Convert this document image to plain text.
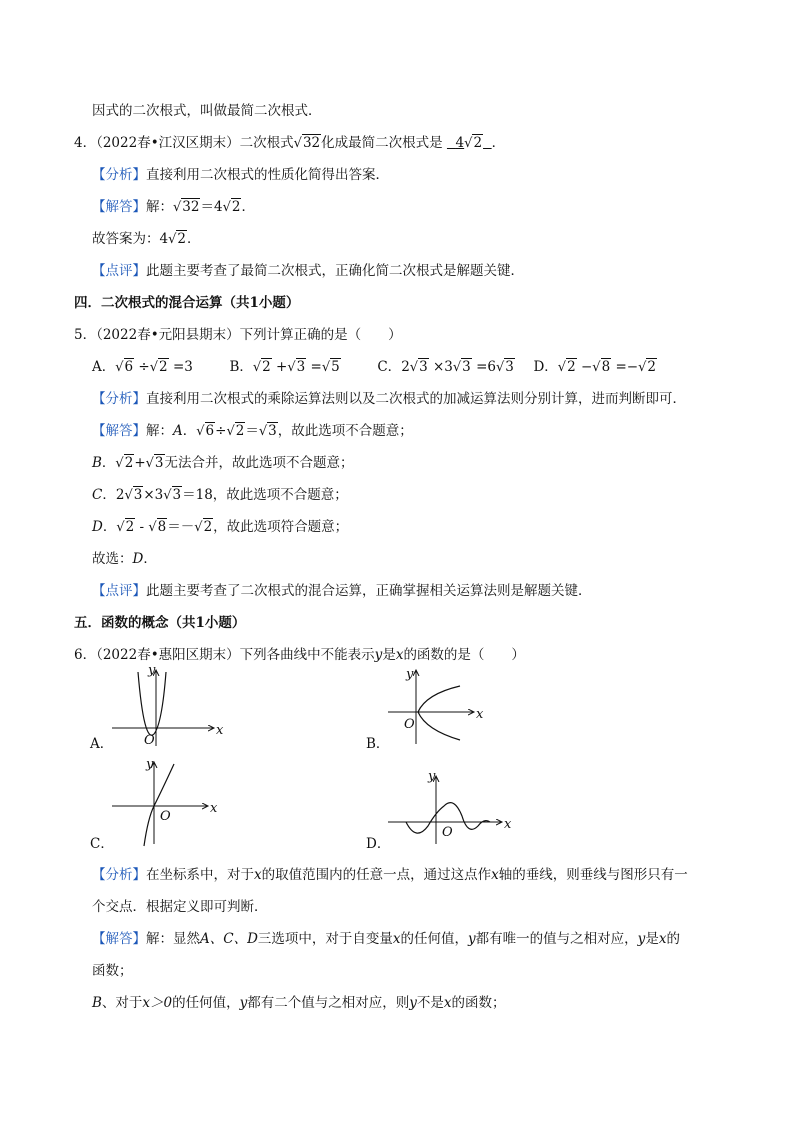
因式的二次根式，叫做最简二次根式．
4．（2022春•江汉区期末）二次根式√32化成最简二次根式是 4√2 ．
【分析】直接利用二次根式的性质化简得出答案．
【解答】解：√32＝4√2．
故答案为：4√2．
【点评】此题主要考查了最简二次根式，正确化简二次根式是解题关键．
四．二次根式的混合运算（共1小题）
5．（2022春•元阳县期末）下列计算正确的是（　　）
A．√6 ÷√2 =3	B．√2 +√3 =√5	C．2√3 ×3√3 =6√3 D．√2 −√8 =−√2
【分析】直接利用二次根式的乘除运算法则以及二次根式的加减运算法则分别计算，进而判断即可．
【解答】解：A．√6÷√2＝√3，故此选项不合题意；
B．√2+√3无法合并，故此选项不合题意；
C．2√3×3√3＝18，故此选项不合题意；
D．√2 - √8＝－√2，故此选项符合题意；
故选：D．
【点评】此题主要考查了二次根式的混合运算，正确掌握相关运算法则是解题关键．
五．函数的概念（共1小题）
6．（2022春•惠阳区期末）下列各曲线中不能表示y是x的函数的是（　　）
A．
x
y
O	B．
x
y
O
C．
x
y
O
D．
x
y
O
【分析】在坐标系中，对于x的取值范围内的任意一点，通过这点作x轴的垂线，则垂线与图形只有一
个交点．根据定义即可判断．
【解答】解：显然A、C、D三选项中，对于自变量x的任何值，y都有唯一的值与之相对应，y是x的
函数；
B、对于x＞0的任何值，y都有二个值与之相对应，则y不是x的函数；
